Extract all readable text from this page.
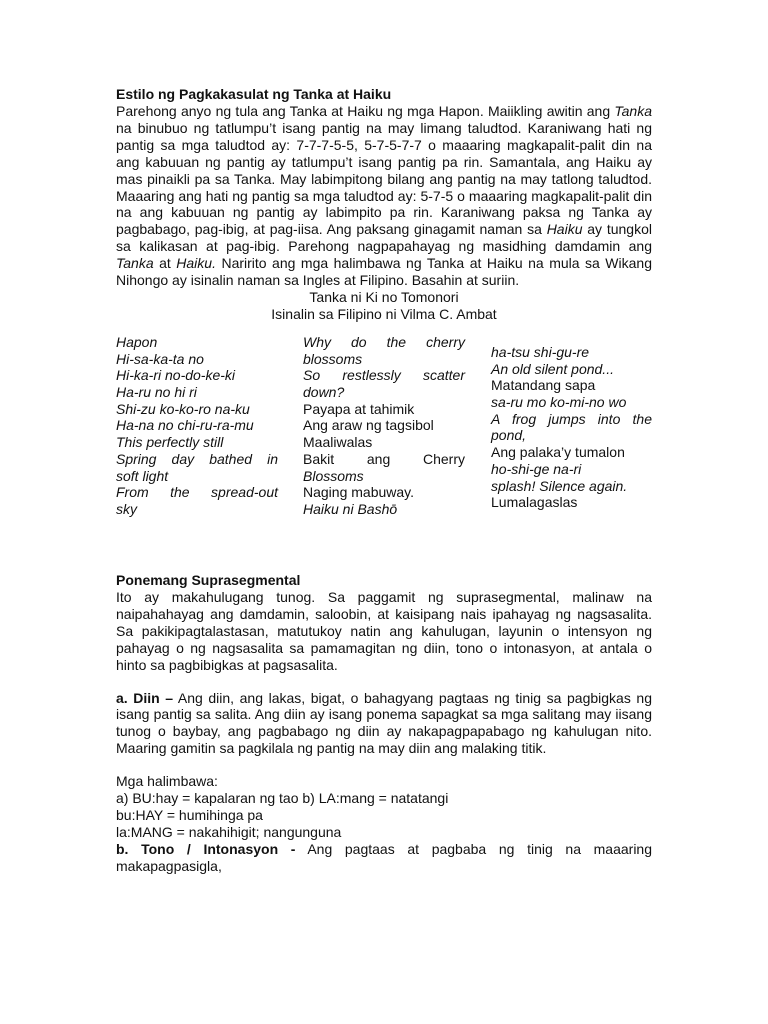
Estilo ng Pagkakasulat ng Tanka at Haiku

Parehong anyo ng tula ang Tanka at Haiku ng mga Hapon. Maiikling awitin ang Tanka na binubuo ng tatlumpu’t isang pantig na may limang taludtod. Karaniwang hati ng pantig sa mga taludtod ay: 7-7-7-5-5, 5-7-5-7-7 o maaaring magkapalit-palit din na ang kabuuan ng pantig ay tatlumpu’t isang pantig pa rin. Samantala, ang Haiku ay mas pinaikli pa sa Tanka. May labimpitong bilang ang pantig na may tatlong taludtod. Maaaring ang hati ng pantig sa mga taludtod ay: 5-7-5 o maaaring magkapalit-palit din na ang kabuuan ng pantig ay labimpito pa rin. Karaniwang paksa ng Tanka ay pagbabago, pag-ibig, at pag-iisa. Ang paksang ginagamit naman sa Haiku ay tungkol sa kalikasan at pag-ibig. Parehong nagpapahayag ng masidhing damdamin ang Tanka at Haiku. Naririto ang mga halimbawa ng Tanka at Haiku na mula sa Wikang Nihongo ay isinalin naman sa Ingles at Filipino. Basahin at suriin.

Tanka ni Ki no Tomonori

Isinalin sa Filipino ni Vilma C. Ambat

Hapon
Hi-sa-ka-ta no
Hi-ka-ri no-do-ke-ki
Ha-ru no hi ri
Shi-zu ko-ko-ro na-ku
Ha-na no chi-ru-ra-mu
This perfectly still
Spring day bathed in
soft light
From the spread-out
sky
Why do the cherry
blossoms
So restlessly scatter
down?
Payapa at tahimik
Ang araw ng tagsibol
Maaliwalas
Bakit ang Cherry
Blossoms
Naging mabuway.
Haiku ni Bashō
ha-tsu shi-gu-re
An old silent pond...
Matandang sapa
sa-ru mo ko-mi-no wo
A frog jumps into the
pond,
Ang palaka’y tumalon
ho-shi-ge na-ri
splash! Silence again.
Lumalagaslas

Ponemang Suprasegmental

Ito ay makahulugang tunog. Sa paggamit ng suprasegmental, malinaw na naipahahayag ang damdamin, saloobin, at kaisipang nais ipahayag ng nagsasalita. Sa pakikipagtalastasan, matutukoy natin ang kahulugan, layunin o intensyon ng pahayag o ng nagsasalita sa pamamagitan ng diin, tono o intonasyon, at antala o hinto sa pagbibigkas at pagsasalita.

a. Diin – Ang diin, ang lakas, bigat, o bahagyang pagtaas ng tinig sa pagbigkas ng isang pantig sa salita. Ang diin ay isang ponema sapagkat sa mga salitang may iisang tunog o baybay, ang pagbabago ng diin ay nakapagpapabago ng kahulugan nito. Maaring gamitin sa pagkilala ng pantig na may diin ang malaking titik.

Mga halimbawa:
a) BU:hay = kapalaran ng tao b) LA:mang = natatangi
bu:HAY = humihinga pa
la:MANG = nakahihigit; nangunguna

b. Tono / Intonasyon - Ang pagtaas at pagbaba ng tinig na maaaring makapagpasigla,
